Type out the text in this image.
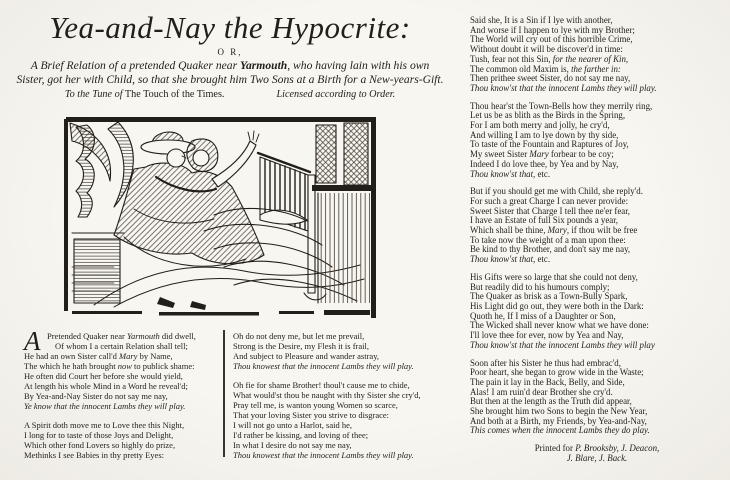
Yea-and-Nay the Hypocrite:
O R,
A Brief Relation of a pretended Quaker near Yarmouth, who having lain with his own
Sister, got her with Child, so that she brought him Two Sons at a Birth for a New-years-Gift.
To the Tune of The Touch of the Times.	Licensed according to Order.
A Pretended Quaker near Yarmouth did dwell,
Of whom I a certain Relation shall tell;
He had an own Sister call'd Mary by Name,
The which he hath brought now to publick shame:
He often did Court her before she would yield,
At length his whole Mind in a Word he reveal'd;
By Yea-and-Nay Sister do not say me nay,
Ye know that the innocent Lambs they will play.
A Spirit doth move me to Love thee this Night,
I long for to taste of those Joys and Delight,
Which other fond Lovers so highly do prize,
Methinks I see Babies in thy pretty Eyes:
Oh do not deny me, but let me prevail,
Strong is the Desire, my Flesh it is frail,
And subject to Pleasure and wander astray,
Thou knowest that the innocent Lambs they will play.
Oh fie for shame Brother! thoul't cause me to chide,
What would'st thou be naught with thy Sister she cry'd,
Pray tell me, is wanton young Women so scarce,
That your loving Sister you strive to disgrace:
I will not go unto a Harlot, said he,
I'd rather be kissing, and loving of thee;
In what I desire do not say me nay,
Thou knowest that the innocent Lambs they will play.
Said she, It is a Sin if I lye with another,
And worse if I happen to lye with my Brother;
The World will cry out of this horrible Crime,
Without doubt it will be discover'd in time:
Tush, fear not this Sin, for the nearer of Kin,
The common old Maxim is, the farther in:
Then prithee sweet Sister, do not say me nay,
Thou know'st that the innocent Lambs they will play.
Thou hear'st the Town-Bells how they merrily ring,
Let us be as blith as the Birds in the Spring,
For I am both merry and jolly, he cry'd,
And willing I am to lye down by thy side,
To taste of the Fountain and Raptures of Joy,
My sweet Sister Mary forbear to be coy;
Indeed I do love thee, by Yea and by Nay,
Thou know'st that, etc.
But if you should get me with Child, she reply'd.
For such a great Charge I can never provide:
Sweet Sister that Charge I tell thee ne'er fear,
I have an Estate of full Six pounds a year,
Which shall be thine, Mary, if thou wilt be free
To take now the weight of a man upon thee:
Be kind to thy Brother, and don't say me nay,
Thou know'st that, etc.
His Gifts were so large that she could not deny,
But readily did to his humours comply;
The Quaker as brisk as a Town-Bully Spark,
His Light did go out, they were both in the Dark:
Quoth he, If I miss of a Daughter or Son,
The Wicked shall never know what we have done:
I'll love thee for ever, now by Yea and Nay,
Thou know'st that the innocent Lambs they will play
Soon after his Sister he thus had embrac'd,
Poor heart, she began to grow wide in the Waste;
The pain it lay in the Back, Belly, and Side,
Alas! I am ruin'd dear Brother she cry'd.
But then at the length as the Truth did appear,
She brought him two Sons to begin the New Year,
And both at a Birth, my Friends, by Yea-and-Nay,
This comes when the innocent Lambs they do play.
Printed for P. Brooksby, J. Deacon,
J. Blare, J. Back.
